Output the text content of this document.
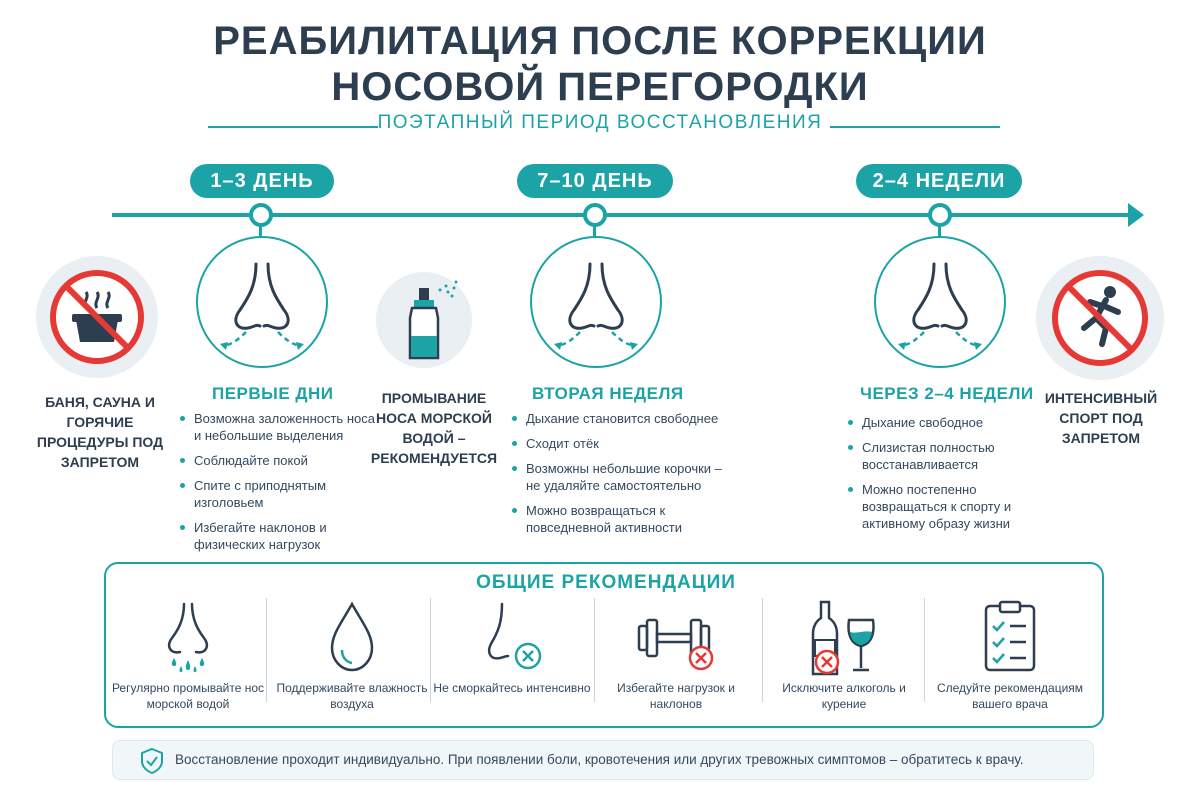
РЕАБИЛИТАЦИЯ ПОСЛЕ КОРРЕКЦИИ
НОСОВОЙ ПЕРЕГОРОДКИ
ПОЭТАПНЫЙ ПЕРИОД ВОССТАНОВЛЕНИЯ
1–3 ДЕНЬ	7–10 ДЕНЬ	2–4 НЕДЕЛИ
БАНЯ, САУНА И ГОРЯЧИЕ ПРОЦЕДУРЫ ПОД ЗАПРЕТОМ
ПРОМЫВАНИЕ НОСА МОРСКОЙ ВОДОЙ – РЕКОМЕНДУЕТСЯ
ИНТЕНСИВНЫЙ СПОРТ ПОД ЗАПРЕТОМ
ПЕРВЫЕ ДНИ
Возможна заложенность носа и небольшие выделения
Соблюдайте покой
Спите с приподнятым изголовьем
Избегайте наклонов и физических нагрузок
ВТОРАЯ НЕДЕЛЯ
Дыхание становится свободнее
Сходит отёк
Возможны небольшие корочки – не удаляйте самостоятельно
Можно возвращаться к повседневной активности
ЧЕРЕЗ 2–4 НЕДЕЛИ
Дыхание свободное
Слизистая полностью восстанавливается
Можно постепенно возвращаться к спорту и активному образу жизни
ОБЩИЕ РЕКОМЕНДАЦИИ
Регулярно промывайте нос морской водой
Поддерживайте влажность воздуха
Не сморкайтесь интенсивно	Избегайте нагрузок и наклонов
Исключите алкоголь и курение
Следуйте рекомендациям вашего врача
Восстановление проходит индивидуально. При появлении боли, кровотечения или других тревожных симптомов – обратитесь к врачу.
